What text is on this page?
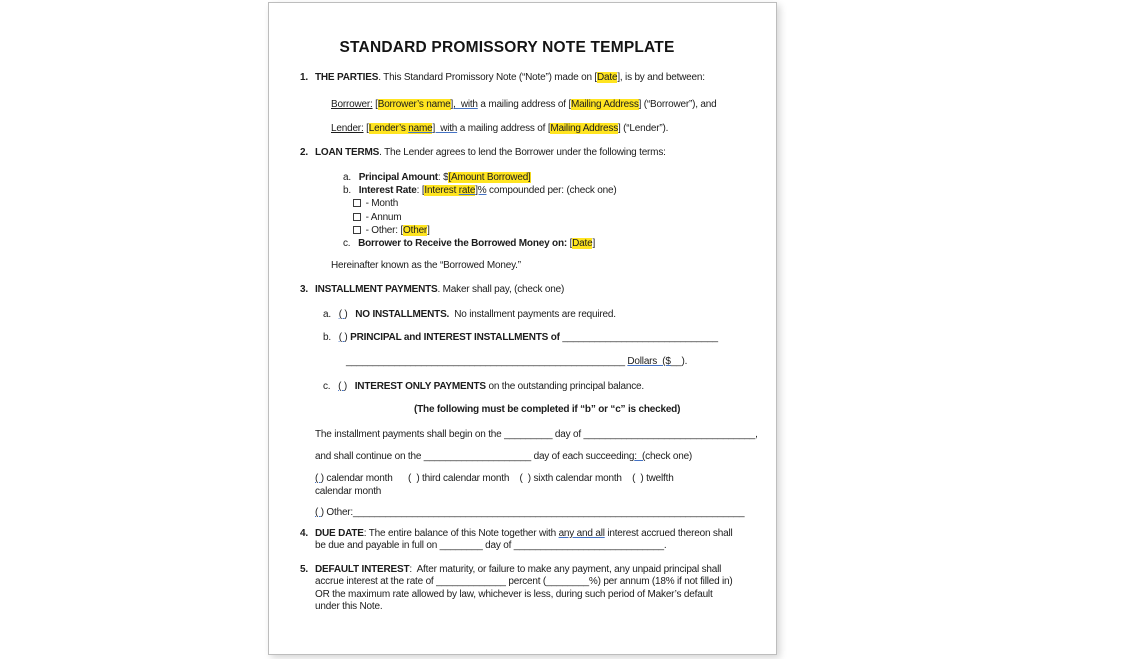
STANDARD PROMISSORY NOTE TEMPLATE
1. THE PARTIES. This Standard Promissory Note (“Note”) made on [Date], is by and between:
Borrower: [Borrower’s name],  with a mailing address of [Mailing Address] (“Borrower”), and
Lender: [Lender’s name]  with a mailing address of [Mailing Address] (“Lender”).
2. LOAN TERMS. The Lender agrees to lend the Borrower under the following terms:
a.   Principal Amount: $[Amount Borrowed]
b.   Interest Rate: [Interest rate]% compounded per: (check one)
- Month
- Annum
- Other: [Other]
c.   Borrower to Receive the Borrowed Money on: [Date]
Hereinafter known as the “Borrowed Money.”
3. INSTALLMENT PAYMENTS. Maker shall pay, (check one)
a.   ( )   NO INSTALLMENTS.  No installment payments are required.
b.   ( ) PRINCIPAL and INTEREST INSTALLMENTS of _____________________________
____________________________________________________ Dollars  ($__).
c.   ( )   INTEREST ONLY PAYMENTS on the outstanding principal balance.
(The following must be completed if “b” or “c” is checked)
The installment payments shall begin on the _________ day of ________________________________,
and shall continue on the ____________________ day of each succeeding:  (check one)
( ) calendar month      (  ) third calendar month    (  ) sixth calendar month    (  ) twelfth
calendar month
( ) Other:_________________________________________________________________________
4. DUE DATE: The entire balance of this Note together with any and all interest accrued thereon shall
be due and payable in full on ________ day of ____________________________.
5. DEFAULT INTEREST:  After maturity, or failure to make any payment, any unpaid principal shall
accrue interest at the rate of _____________ percent (________%) per annum (18% if not filled in)
OR the maximum rate allowed by law, whichever is less, during such period of Maker’s default
under this Note.
